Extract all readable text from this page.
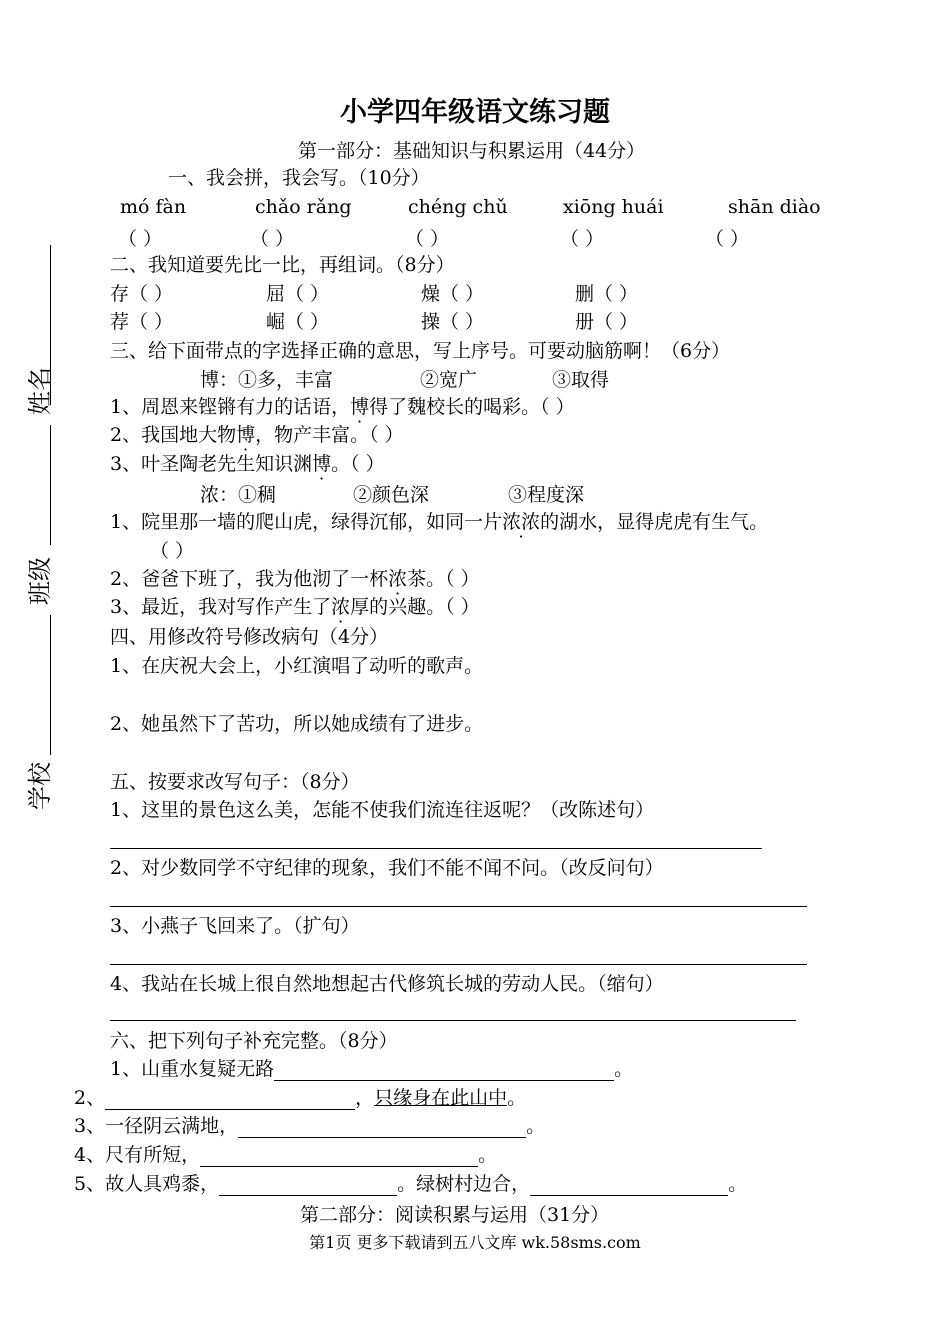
姓名
班级
学校
小学四年级语文练习题
第一部分：基础知识与积累运用（44分）
一、我会拼，我会写。（10分）
mó fàn	chǎo rǎng	chéng chǔ	xiōng huái	shān diào
（ ）	（ ）	（ ）	（ ）	（ ）
二、我知道要先比一比，再组词。（8分）
存（ ）	屈（ ）	燥（ ）	删（ ）
荐（ ）	崛（ ）	操（ ）	册（ ）
三、给下面带点的字选择正确的意思，写上序号。可要动脑筋啊！（6分）
博：①多，丰富	②宽广	③取得
1、周恩来铿锵有力的话语，博得了魏校长的喝彩。（ ）
2、我国地大物博，物产丰富。（ ）
3、叶圣陶老先生知识渊博。（ ）
浓：①稠	②颜色深	③程度深
1、院里那一墙的爬山虎，绿得沉郁，如同一片浓浓的湖水，显得虎虎有生气。
（ ）
2、爸爸下班了，我为他沏了一杯浓茶。（ ）
3、最近，我对写作产生了浓厚的兴趣。（ ）
四、用修改符号修改病句（4分）
1、在庆祝大会上，小红演唱了动听的歌声。
2、她虽然下了苦功，所以她成绩有了进步。
五、按要求改写句子：（8分）
1、这里的景色这么美，怎能不使我们流连往返呢？（改陈述句）
2、对少数同学不守纪律的现象，我们不能不闻不问。（改反问句）
3、小燕子飞回来了。（扩句）
4、我站在长城上很自然地想起古代修筑长城的劳动人民。（缩句）
六、把下列句子补充完整。（8分）
1、山重水复疑无路	。
2、	，只缘身在此山中。
3、一径阴云满地，	。
4、尺有所短，	。
5、故人具鸡黍，	。绿树村边合，	。
第二部分：阅读积累与运用（31分）
第1页 更多下载请到五八文库 wk.58sms.com
